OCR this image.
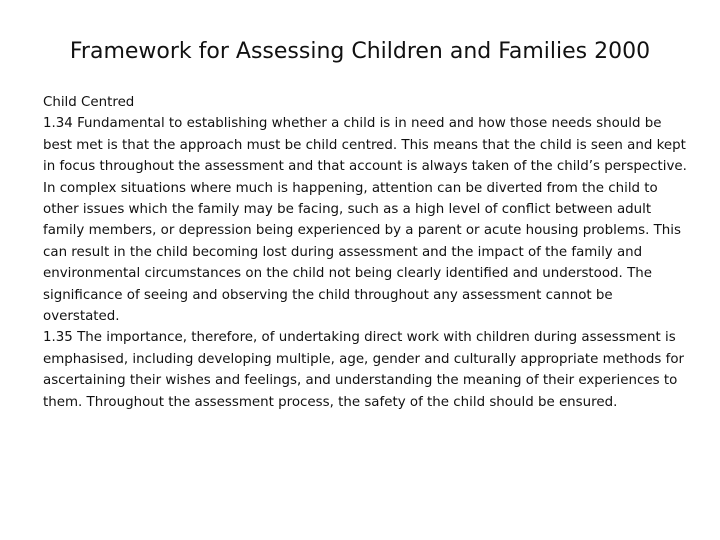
Framework for Assessing Children and Families 2000

Child Centred

1.34 Fundamental to establishing whether a child is in need and how those needs should be best met is that the approach must be child centred. This means that the child is seen and kept in focus throughout the assessment and that account is always taken of the child’s perspective. In complex situations where much is happening, attention can be diverted from the child to other issues which the family may be facing, such as a high level of conflict between adult family members, or depression being experienced by a parent or acute housing problems. This can result in the child becoming lost during assessment and the impact of the family and environmental circumstances on the child not being clearly identified and understood. The significance of seeing and observing the child throughout any assessment cannot be overstated.

1.35 The importance, therefore, of undertaking direct work with children during assessment is emphasised, including developing multiple, age, gender and culturally appropriate methods for ascertaining their wishes and feelings, and understanding the meaning of their experiences to them. Throughout the assessment process, the safety of the child should be ensured.
